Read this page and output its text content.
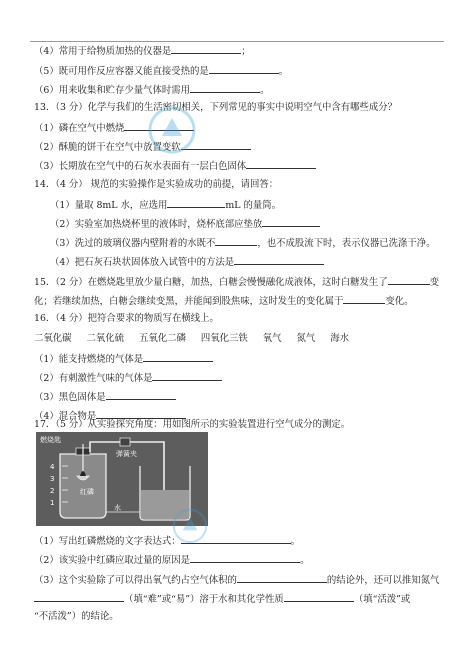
（4）常用于给物质加热的仪器是	；
（5）既可用作反应容器又能直接受热的是	。
（6）用来收集和贮存少量气体时需用	。
13．（3 分）化学与我们的生活密切相关，下列常见的事实中说明空气中含有哪些成分？
（1）磷在空气中燃烧
（2）酥脆的饼干在空气中放置变软
（3）长期放在空气中的石灰水表面有一层白色固体
14．（4 分） 规范的实验操作是实验成功的前提，请回答：
（1）量取 8mL 水，应选用	mL 的量筒。
（2）实验室加热烧杯里的液体时，烧杯底部应垫放
（3）洗过的玻璃仪器内壁附着的水既不	，也不成股流下时，表示仪器已洗涤干净。
（4）把石灰石块状固体放入试管中的方法是
15．（2 分）在燃烧匙里放少量白糖，加热，白糖会慢慢融化成液体，这时白糖发生了	变
化；若继续加热，白糖会继续变黑，并能闻到股焦味，这时发生的变化属于	变化。
16．（4 分）把符合要求的物质写在横线上。
二氧化碳 二氧化硫 五氧化二磷 四氧化三铁 氧气 氮气 海水
（1）能支持燃烧的气体是
（2）有刺激性气味的气体是
（3）黑色固体是
（4）混合物是
17．（5 分）从实验探究角度：用如图所示的实验装置进行空气成分的测定。
4
3
2
1
燃烧匙
弹簧夹
红磷
水
（1）写出红磷燃烧的文字表达式：	。
（2）该实验中红磷应取过量的原因是	。
（3）这个实验除了可以得出氧气约占空气体积的	的结论外，还可以推知氮气
（填“难”或“易”）溶于水和其化学性质	（填“活泼”或
“不活泼”）的结论。
